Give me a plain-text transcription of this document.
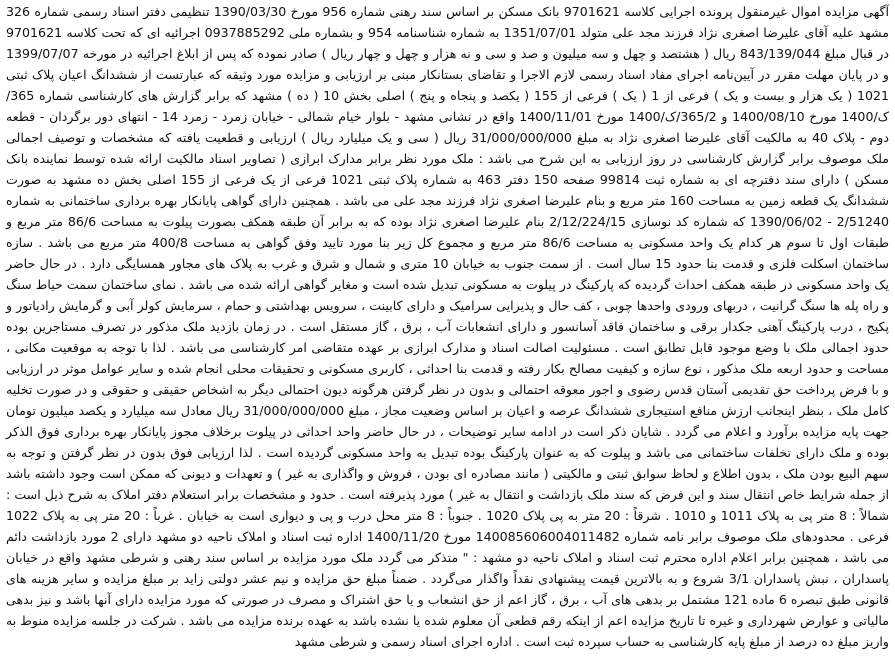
آگهی مزایده اموال غیرمنقول پرونده اجرایی کلاسه 9701621 بانک مسکن بر اساس سند رهنی شماره 956 مورخ 1390/03/30 تنظیمی دفتر اسناد رسمی شماره 326 مشهد علیه آقای علیرضا اصغری نژاد فرزند مجد علی متولد 1351/07/01 به شماره شناسنامه 954 و بشماره ملی 0937885292 اجرائیه ای که تحت کلاسه 9701621 در قبال مبلغ 843/139/044 ریال ( هشتصد و چهل و سه میلیون و صد و سی و نه هزار و چهل و چهار ریال ) صادر نموده که پس از ابلاغ اجرائیه در مورخه 1399/07/07 و در پایان مهلت مقرر در آیین‌نامه اجرای مفاد اسناد رسمی لازم الاجرا و تقاضای بستانکار مبنی بر ارزیابی و مزایده مورد وثیقه که عبارتست از ششدانگ اعیان پلاک ثبتی 1021 ( یک هزار و بیست و یک ) فرعی از 1 ( یک ) فرعی از 155 ( یکصد و پنجاه و پنج ) اصلی بخش 10 ( ده ) مشهد که برابر گزارش های کارشناسی شماره 365/ک/1400 مورخ 1400/08/10 و 365/2/ک/1400 مورخ 1400/11/01 واقع در نشانی مشهد - بلوار خیام شمالی - خیابان زمرد - زمرد 14 - انتهای دور برگردان - قطعه دوم - پلاک 40 به مالکیت آقای علیرضا اصغری نژاد به مبلغ 31/000/000/000 ریال ( سی و یک میلیارد ریال ) ارزیابی و قطعیت یافته که مشخصات و توصیف اجمالی ملک موصوف برابر گزارش کارشناسی در روز ارزیابی به این شرح می باشد : ملک مورد نظر برابر مدارک ابرازی ( تصاویر اسناد مالکیت ارائه شده توسط نماینده بانک مسکن ) دارای سند دفترچه ای به شماره ثبت 99814 صفحه 150 دفتر 463 به شماره پلاک ثبتی 1021 فرعی از یک فرعی از 155 اصلی بخش ده مشهد به صورت ششدانگ یک قطعه زمین به مساحت 160 متر مربع و بنام علیرضا اصغری نژاد فرزند مجد علی می باشد . همچنین دارای گواهی پایانکار بهره برداری ساختمانی به شماره 2/51240 - 1390/06/02 که شماره کد نوسازی 2/12/224/15 بنام علیرضا اصغری نژاد بوده که به برابر آن طبقه همکف بصورت پیلوت به مساحت 86/6 متر مربع و طبقات اول تا سوم هر کدام یک واحد مسکونی به مساحت 86/6 متر مربع و مجموع کل زیر بنا مورد تایید وفق گواهی به مساحت 400/8 متر مربع می باشد . سازه ساختمان اسکلت فلزی و قدمت بنا حدود 15 سال است . از سمت جنوب به خیابان 10 متری و شمال و شرق و غرب به پلاک های مجاور همسایگی دارد . در حال حاضر یک واحد مسکونی در طبقه همکف احداث گردیده که پارکینگ در پیلوت به مسکونی تبدیل شده است و مغایر گواهی ارائه شده می باشد . نمای ساختمان سمت حیاط سنگ و راه پله ها سنگ گرانیت ، دربهای ورودی واحدها چوبی ، کف حال و پذیرایی سرامیک و دارای کابینت ، سرویس بهداشتی و حمام ، سرمایش کولر آبی و گرمایش رادیاتور و پکیج ، درب پارکینگ آهنی جکدار برقی و ساختمان فاقد آسانسور و دارای انشعابات آب ، برق ، گاز مستقل است . در زمان بازدید ملک مذکور در تصرف مستاجرین بوده حدود اجمالی ملک با وضع موجود قابل تطابق است . مسئولیت اصالت اسناد و مدارک ابرازی بر عهده متقاضی امر کارشناسی می باشد . لذا با توجه به موقعیت مکانی ، مساحت و حدود اربعه ملک مذکور ، نوع سازه و کیفیت مصالح بکار رفته و قدمت بنا احداثی ، کاربری مسکونی و تحقیقات محلی انجام شده و سایر عوامل موثر در ارزیابی و با فرض پرداخت حق تقدیمی آستان قدس رضوی و اجور معوقه احتمالی و بدون در نظر گرفتن هرگونه دیون احتمالی دیگر به اشخاص حقیقی و حقوقی و در صورت تخلیه کامل ملک ، بنظر اینجانب ارزش منافع استیجاری ششدانگ عرصه و اعیان بر اساس وضعیت مجاز ، مبلغ 31/000/000/000 ریال معادل سه میلیارد و یکصد میلیون تومان جهت پایه مزایده برآورد و اعلام می گردد . شایان ذکر است در ادامه سایر توضیحات ، در حال حاضر واحد احداثی در پیلوت برخلاف مجوز پایانکار بهره برداری فوق الذکر بوده و ملک دارای تخلفات ساختمانی می باشد و پیلوت که به عنوان پارکینگ بوده تبدیل به واحد مسکونی گردیده است . لذا ارزیابی فوق بدون در نظر گرفتن و توجه به سهم البیع بودن ملک ، بدون اطلاع و لحاظ سوابق ثبتی و مالکیتی ( مانند مصادره ای بودن ، فروش و واگذاری به غیر ) و تعهدات و دیونی که ممکن است وجود داشته باشد از جمله شرایط خاص انتقال سند و این فرض که سند ملک بازداشت و انتقال به غیر ) مورد پذیرفته است . حدود و مشخصات برابر استعلام دفتر املاک به شرح ذیل است : شمالاً : 8 متر پی به پلاک 1011 و 1010 . شرقاً : 20 متر به پی پلاک 1020 . جنوباً : 8 متر محل درب و پی و دیواری است به خیابان . غرباً : 20 متر پی به پلاک 1022 فرعی . محدودهای ملک موصوف برابر نامه شماره 140085606004011482 مورخ 1400/11/20 اداره ثبت اسناد و املاک ناحیه دو مشهد دارای 2 مورد بازداشت دائم می باشد ، همچنین برابر اعلام اداره محترم ثبت اسناد و املاک ناحیه دو مشهد : " متذکر می گردد ملک مورد مزایده بر اساس سند رهنی و شرطی مشهد واقع در خیابان پاسداران ، نبش پاسداران 3/1 شروع و به بالاترین قیمت پیشنهادی نقداً واگذار می‌گردد . ضمناً مبلغ حق مزایده و نیم عشر دولتی زاید بر مبلغ مزایده و سایر هزینه های قانونی طبق تبصره 6 ماده 121 مشتمل بر بدهی های آب ، برق ، گاز اعم از حق انشعاب و یا حق اشتراک و مصرف در صورتی که مورد مزایده دارای آنها باشد و نیز بدهی مالیاتی و عوارض شهرداری و غیره تا تاریخ مزایده اعم از اینکه رقم قطعی آن معلوم شده یا نشده باشد به عهده برنده مزایده می باشد . شرکت در جلسه مزایده منوط به واریز مبلغ ده درصد از مبلغ پایه کارشناسی به حساب سپرده ثبت است . اداره اجرای اسناد رسمی و شرطی مشهد
